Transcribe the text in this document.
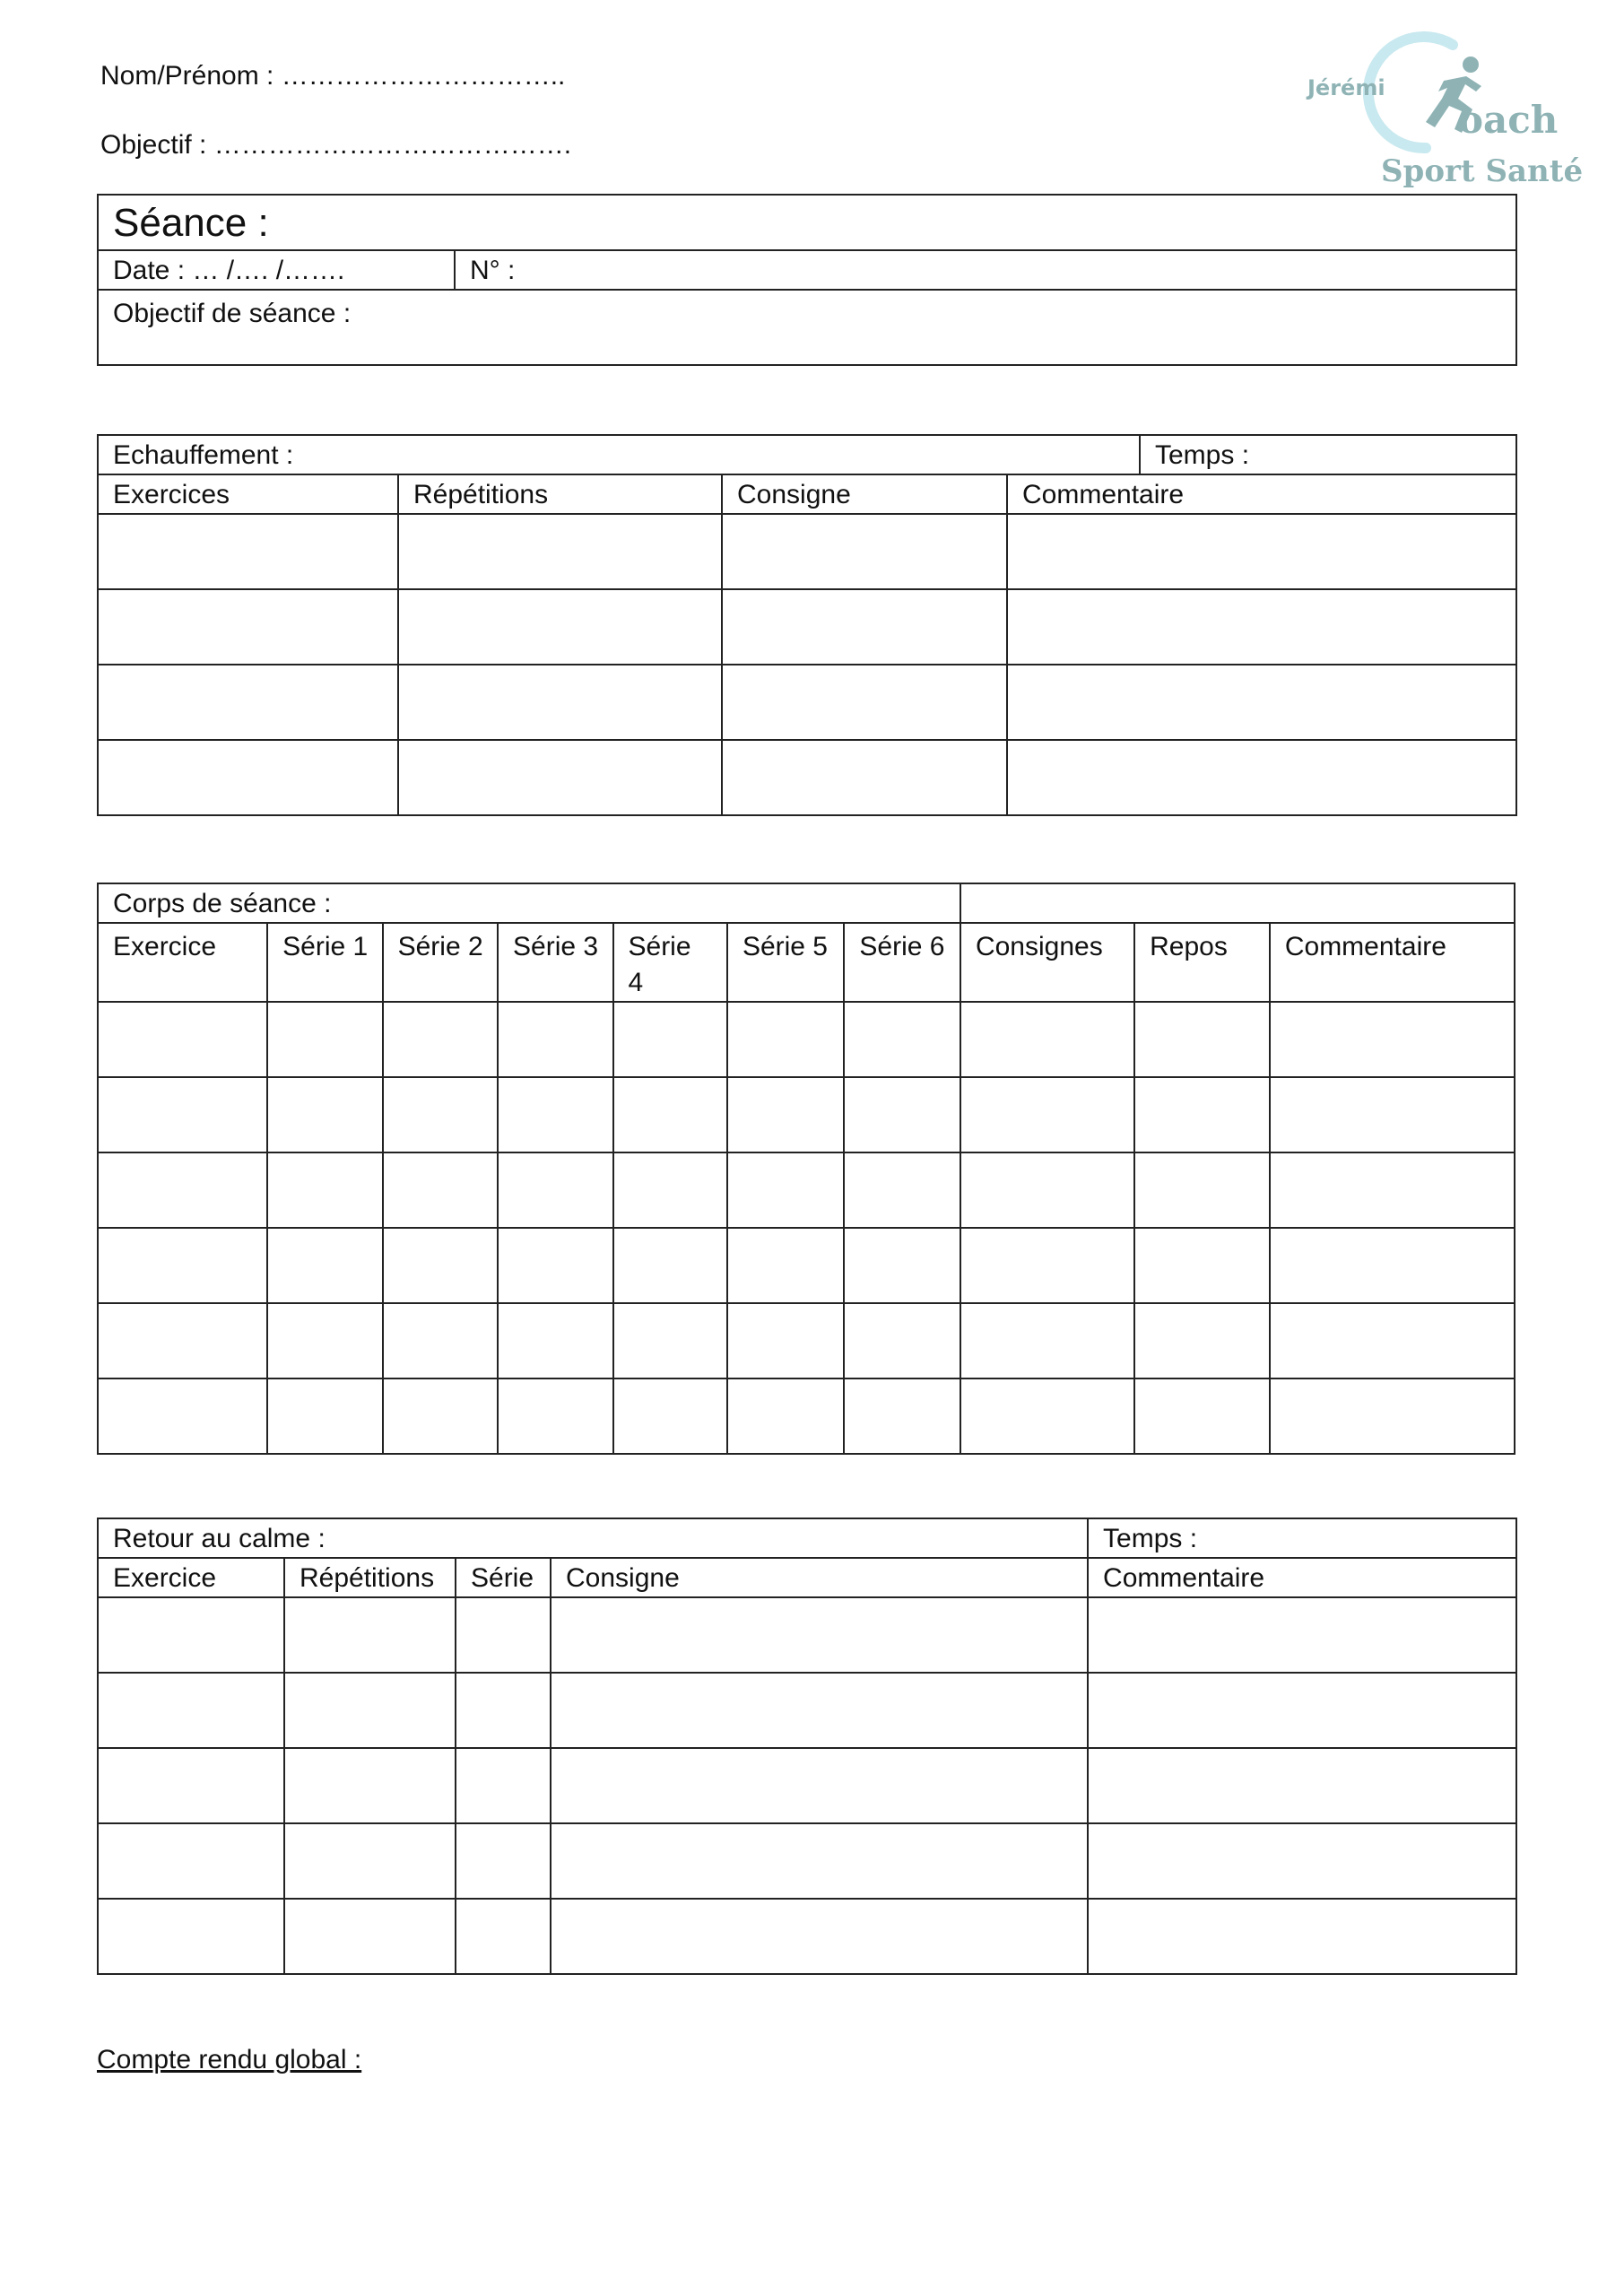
Nom/Prénom : …………………………..
Objectif : ………………………………….
Jérémi
oach
Sport Santé
Séance :
Date : … /…. /…….	N° :
Objectif de séance :
Echauffement :				Temps :
Exercices	Répétitions	Consigne	Commentaire	

Corps de séance :									
Exercice	Série 1	Série 2	Série 3	Série 4	Série 5	Série 6	Consignes	Repos	Commentaire

Retour au calme :				Temps :
Exercice	Répétitions	Série	Consigne	Commentaire

Compte rendu global :
